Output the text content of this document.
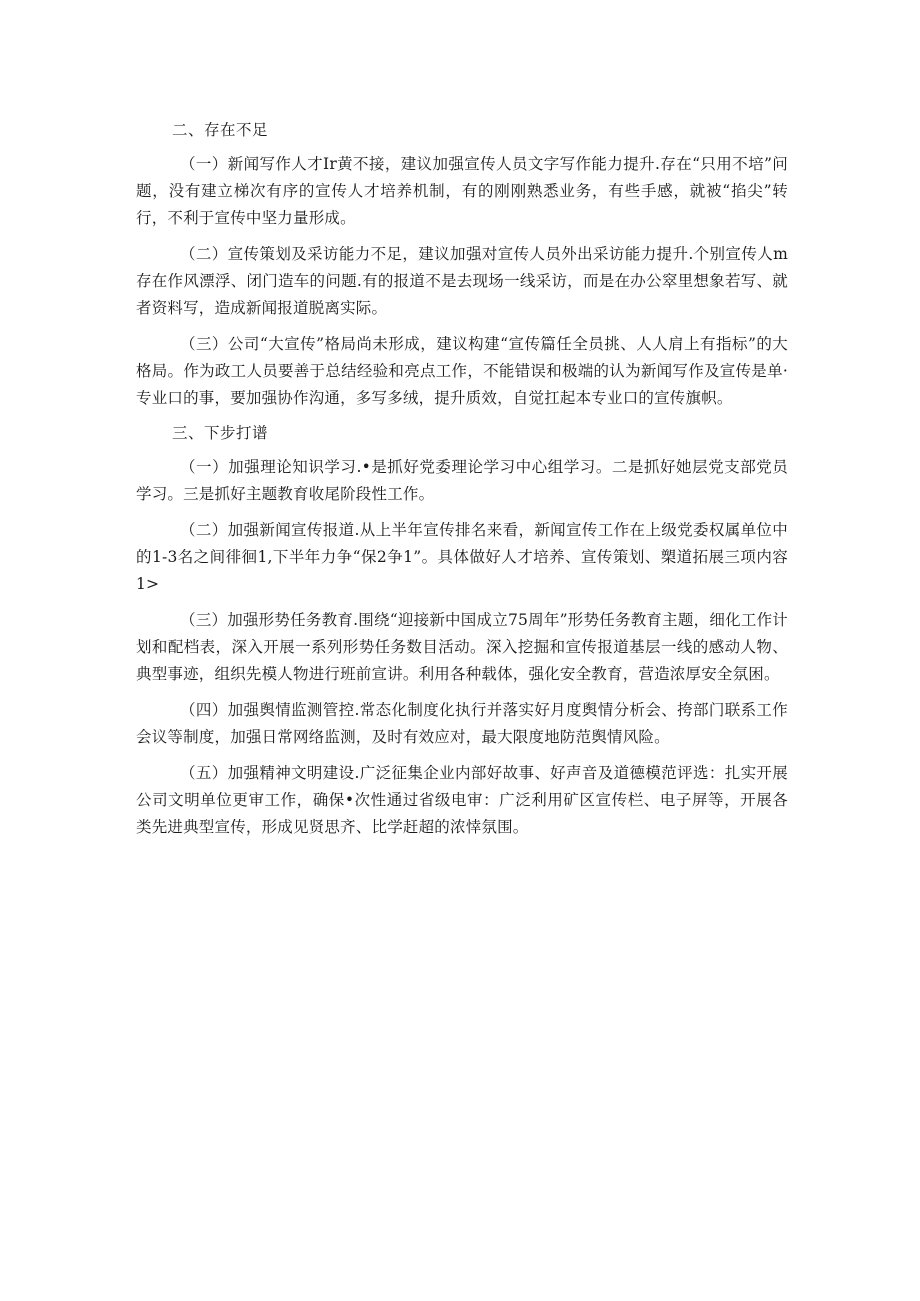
二、存在不足

（一）新闻写作人才Ir黄不接，建议加强宣传人员文字写作能力提升.存在“只用不培”问题，没有建立梯次有序的宣传人才培养机制，有的刚刚熟悉业务，有些手感，就被“掐尖”转行，不利于宣传中坚力量形成。

（二）宣传策划及采访能力不足，建议加强对宣传人员外出采访能力提升.个别宣传人m存在作风漂浮、闭门造车的问题.有的报道不是去现场一线采访，而是在办公窣里想象若写、就者资料写，造成新闻报道脱离实际。

（三）公司“大宣传”格局尚未形成，建议构建“宣传篇任全员挑、人人肩上有指标”的大格局。作为政工人员要善于总结经验和亮点工作，不能错误和极端的认为新闻写作及宣传是单·专业口的事，要加强协作沟通，多写多绒，提升质效，自觉扛起本专业口的宣传旗帜。

三、下步打谱

（一）加强理论知识学习.•是抓好党委理论学习中心组学习。二是抓好她层党支部党员学习。三是抓好主题教育收尾阶段性工作。

（二）加强新闻宣传报道.从上半年宣传排名来看，新闻宣传工作在上级党委权属单位中的1-3名之间徘徊1,下半年力争“保2争1”。具体做好人才培养、宣传策划、槊道拓展三项内容1>

（三）加强形势任务教育.围绕“迎接新中国成立75周年”形势任务教育主题，细化工作计划和配档表，深入开展一系列形势任务数目活动。深入挖掘和宣传报道基层一线的感动人物、典型事迹，组织先模人物进行班前宣讲。利用各种载体，强化安全教育，营造浓厚安全氛困。

（四）加强舆情监测管控.常态化制度化执行并落实好月度舆情分析会、挎部门联系工作会议等制度，加强日常网络监测，及时有效应对，最大限度地防范舆情风险。

（五）加强精神文明建设.广泛征集企业内部好故事、好声音及道德模范评选：扎实开展公司文明单位更审工作，确保•次性通过省级电审：广泛利用矿区宣传栏、电子屏等，开展各类先进典型宣传，形成见贤思齐、比学赶超的浓悻氛围。
